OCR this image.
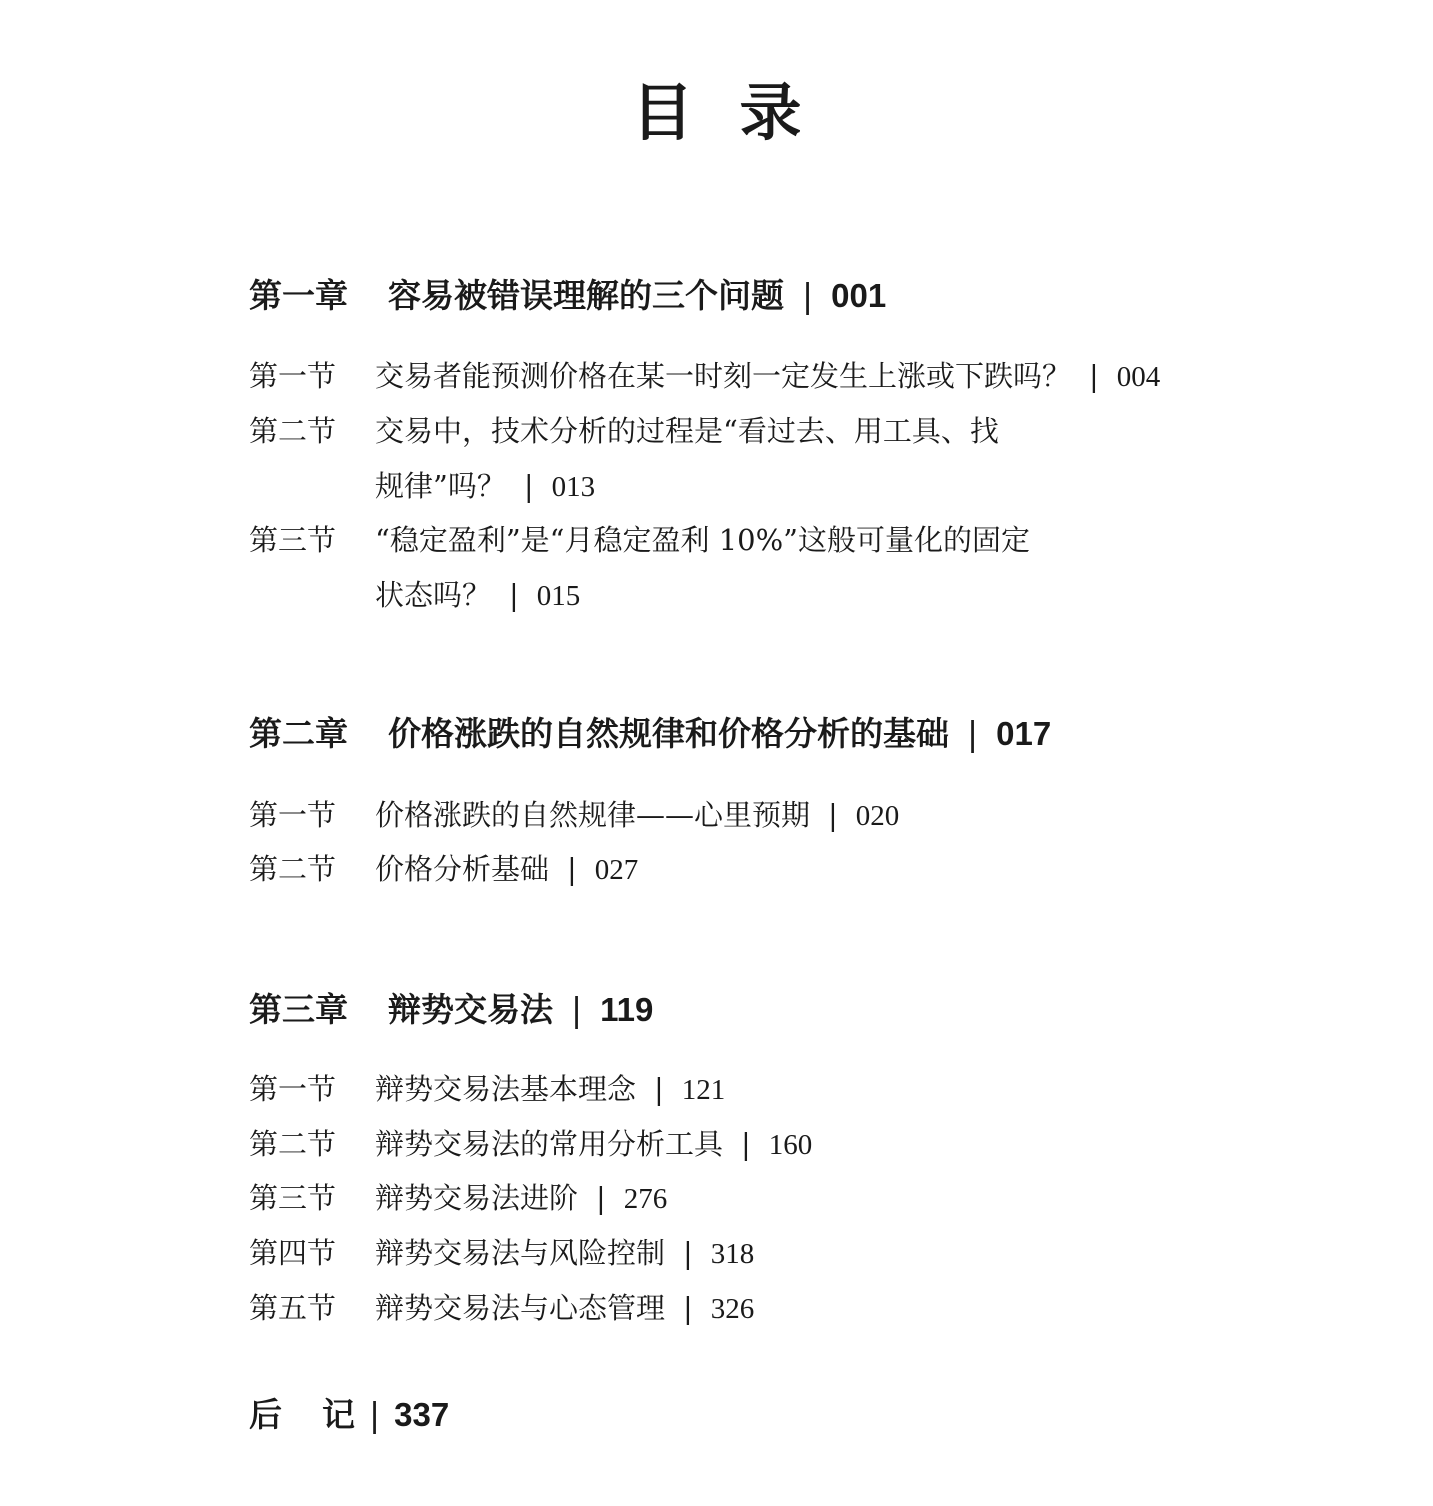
目 录
第一章 容易被错误理解的三个问题 | 001
第一节 交易者能预测价格在某一时刻一定发生上涨或下跌吗？ | 004
第二节 交易中，技术分析的过程是“看过去、用工具、找
规律”吗？ | 013
第三节 “稳定盈利”是“月稳定盈利 10%”这般可量化的固定
状态吗？ | 015
第二章 价格涨跌的自然规律和价格分析的基础 | 017
第一节 价格涨跌的自然规律——心里预期 | 020
第二节 价格分析基础 | 027
第三章 辩势交易法 | 119
第一节 辩势交易法基本理念 | 121
第二节 辩势交易法的常用分析工具 | 160
第三节 辩势交易法进阶 | 276
第四节 辩势交易法与风险控制 | 318
第五节 辩势交易法与心态管理 | 326
后 记 | 337
